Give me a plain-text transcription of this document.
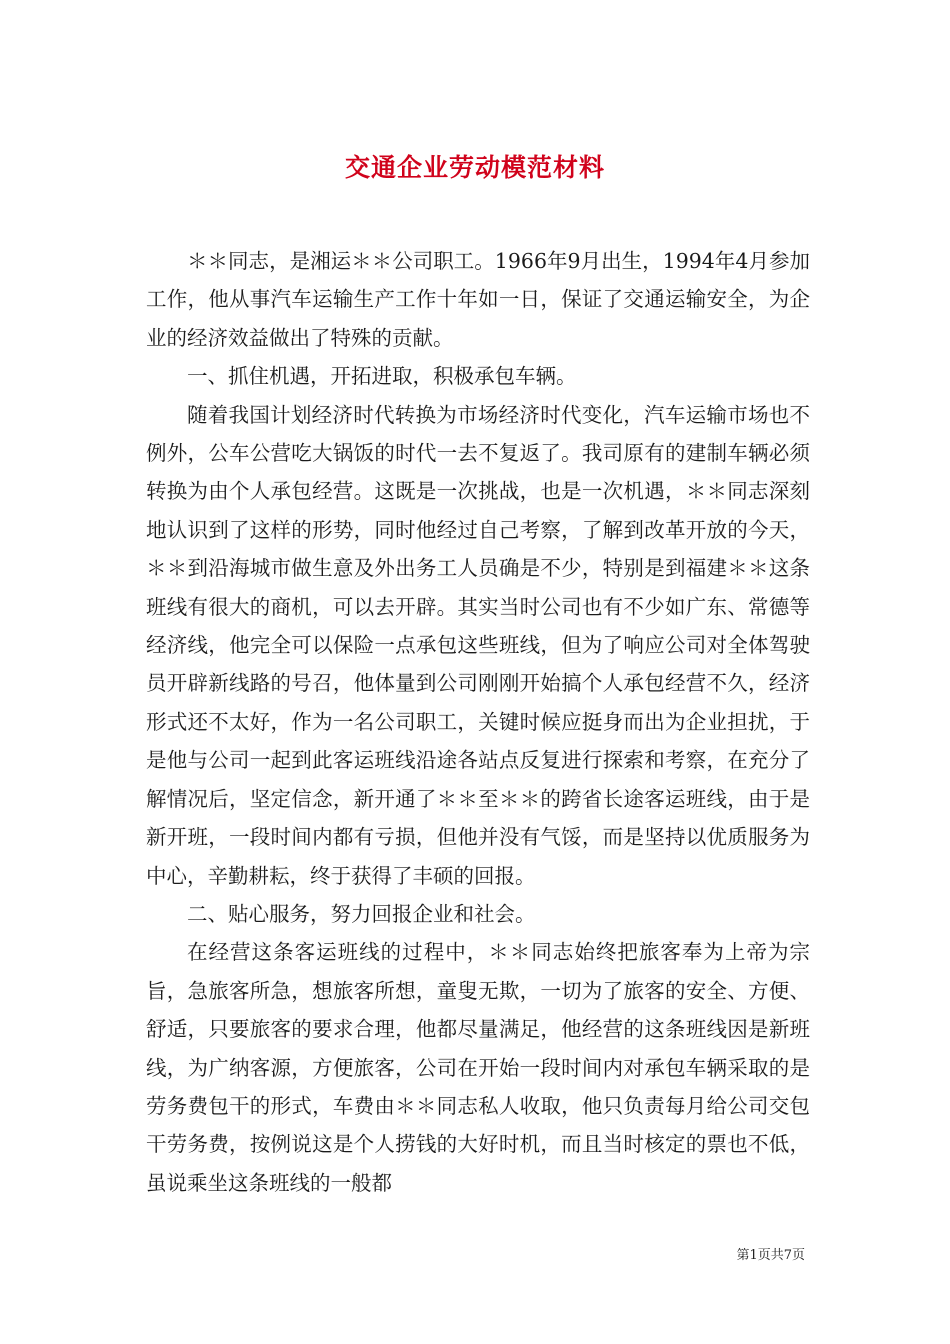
交通企业劳动模范材料

＊＊同志，是湘运＊＊公司职工。1966年9月出生，1994年4月参加工作，他从事汽车运输生产工作十年如一日，保证了交通运输安全，为企业的经济效益做出了特殊的贡献。

一、抓住机遇，开拓进取，积极承包车辆。

随着我国计划经济时代转换为市场经济时代变化，汽车运输市场也不例外，公车公营吃大锅饭的时代一去不复返了。我司原有的建制车辆必须转换为由个人承包经营。这既是一次挑战，也是一次机遇，＊＊同志深刻地认识到了这样的形势，同时他经过自己考察，了解到改革开放的今天，＊＊到沿海城市做生意及外出务工人员确是不少，特别是到福建＊＊这条班线有很大的商机，可以去开辟。其实当时公司也有不少如广东、常德等经济线，他完全可以保险一点承包这些班线，但为了响应公司对全体驾驶员开辟新线路的号召，他体量到公司刚刚开始搞个人承包经营不久，经济形式还不太好，作为一名公司职工，关键时候应挺身而出为企业担扰，于是他与公司一起到此客运班线沿途各站点反复进行探索和考察，在充分了解情况后，坚定信念，新开通了＊＊至＊＊的跨省长途客运班线，由于是新开班，一段时间内都有亏损，但他并没有气馁，而是坚持以优质服务为中心，辛勤耕耘，终于获得了丰硕的回报。

二、贴心服务，努力回报企业和社会。

在经营这条客运班线的过程中，＊＊同志始终把旅客奉为上帝为宗旨，急旅客所急，想旅客所想，童叟无欺，一切为了旅客的安全、方便、舒适，只要旅客的要求合理，他都尽量满足，他经营的这条班线因是新班线，为广纳客源，方便旅客，公司在开始一段时间内对承包车辆采取的是劳务费包干的形式，车费由＊＊同志私人收取，他只负责每月给公司交包干劳务费，按例说这是个人捞钱的大好时机，而且当时核定的票也不低，虽说乘坐这条班线的一般都

第1页共7页
